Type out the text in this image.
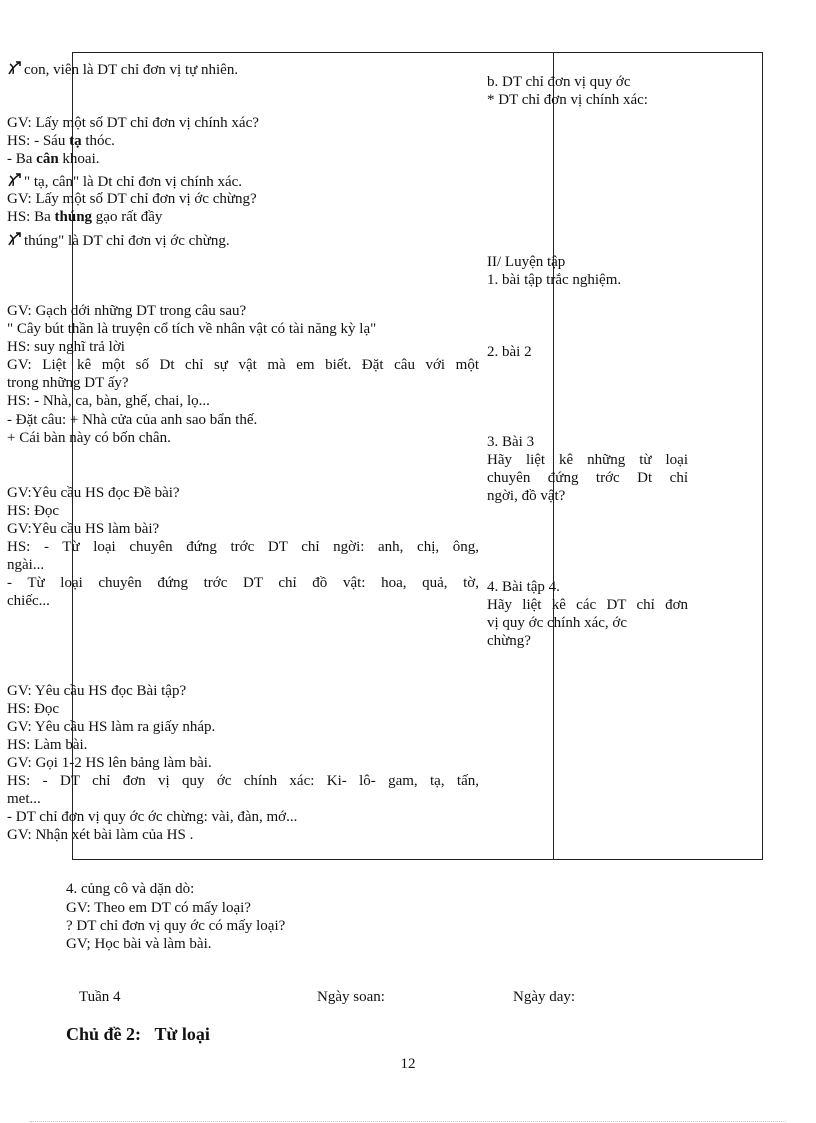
con, viên là DT chỉ đơn vị tự nhiên.
GV: Lấy một số DT chỉ đơn vị chính xác?
HS: - Sáu tạ thóc.
- Ba cân khoai.
" tạ, cân" là Dt chỉ đơn vị chính xác.
GV: Lấy một số DT chỉ đơn vị ớc chừng?
HS: Ba thúng gạo rất đầy
thúng" là DT chỉ đơn vị ớc chừng.
GV: Gạch dới những DT trong câu sau?
" Cây bút thần là truyện cổ tích về nhân vật có tài năng kỳ lạ"
HS: suy nghĩ trả lời
GV: Liệt kê một số Dt chỉ sự vật mà em biết. Đặt câu với một
trong những DT ấy?
HS: - Nhà, ca, bàn, ghế, chai, lọ...
- Đặt câu: + Nhà cửa của anh sao bẩn thế.
+ Cái bàn này có bốn chân.
GV:Yêu cầu HS đọc Đề bài?
HS: Đọc
GV:Yêu cầu HS làm bài?
HS: - Từ loại chuyên đứng trớc DT chỉ ngời: anh, chị, ông,
ngài...
- Từ loại chuyên đứng trớc DT chỉ đồ vật: hoa, quả, tờ,
chiếc...
GV: Yêu cầu HS đọc Bài tập?
HS: Đọc
GV: Yêu cầu HS làm ra giấy nháp.
HS: Làm bài.
GV: Gọi 1-2 HS lên bảng làm bài.
HS: - DT chỉ đơn vị quy ớc chính xác: Ki- lô- gam, tạ, tấn,
met...
- DT chỉ đơn vị quy ớc ớc chừng: vài, đàn, mớ...
GV: Nhận xét bài làm của HS .
b. DT chỉ đơn vị quy ớc
* DT chỉ đơn vị chính xác:
II/ Luyện tập
1. bài tập trắc nghiệm.
2. bài 2
3. Bài 3
Hãy liệt kê những từ loại
chuyên đứng trớc Dt chỉ
ngời, đồ vật?
4. Bài tập 4.
Hãy liệt kê các DT chỉ đơn
vị quy ớc chính xác, ớc
chừng?
4. củng cô và dặn dò:
GV: Theo em DT có mấy loại?
? DT chỉ đơn vị quy ớc có mấy loại?
GV; Học bài và làm bài.
Tuần 4	Ngày soan:	Ngày day:
Chủ đề 2: Từ loại
12
